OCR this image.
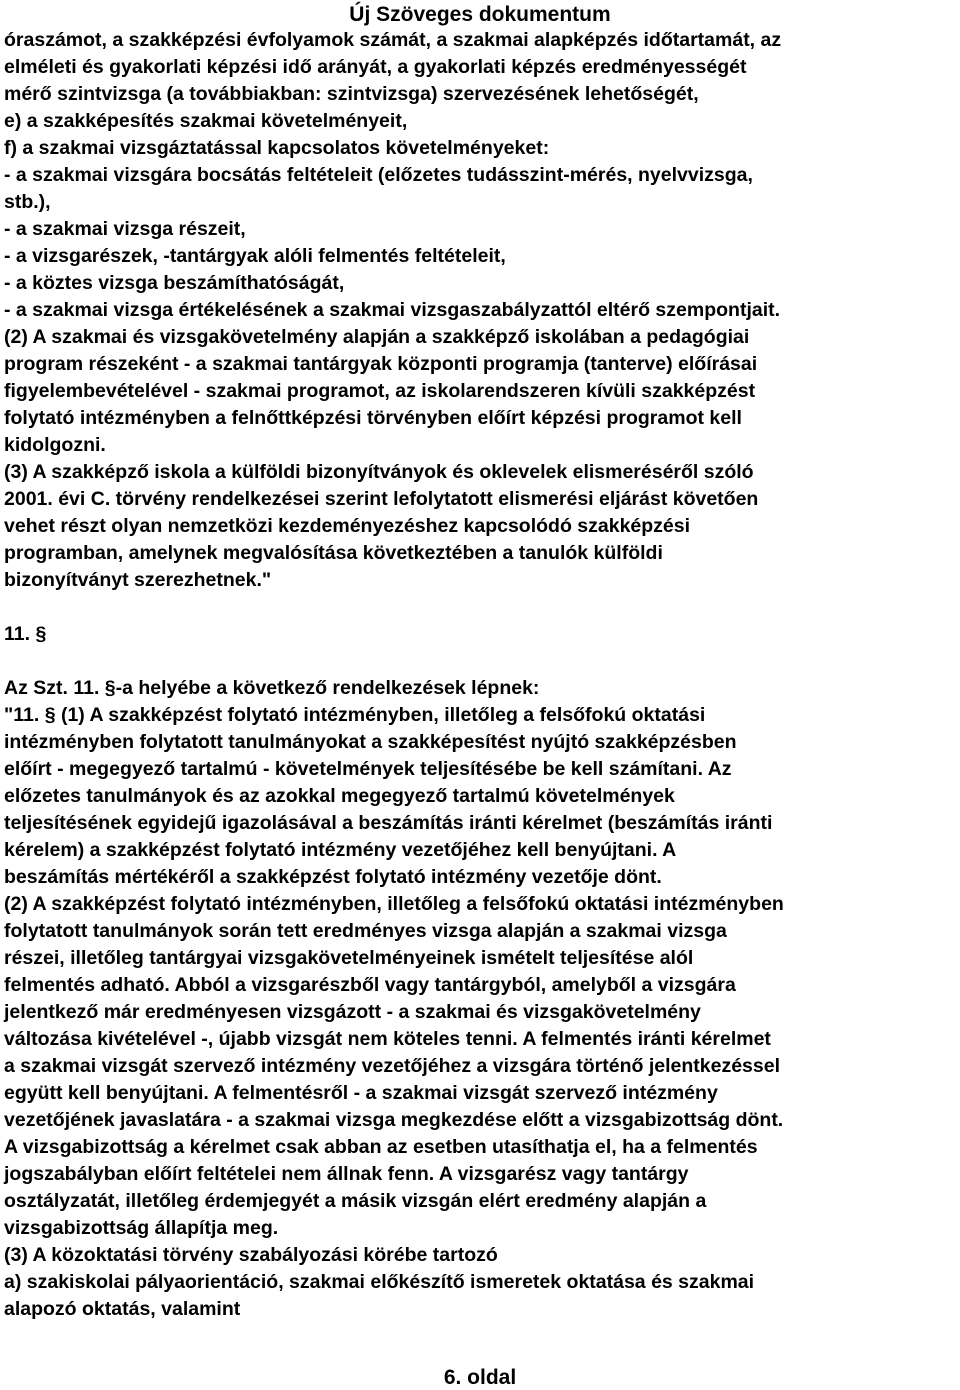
Új Szöveges dokumentum
óraszámot, a szakképzési évfolyamok számát, a szakmai alapképzés időtartamát, az
elméleti és gyakorlati képzési idő arányát, a gyakorlati képzés eredményességét
mérő szintvizsga (a továbbiakban: szintvizsga) szervezésének lehetőségét,
e) a szakképesítés szakmai követelményeit,
f) a szakmai vizsgáztatással kapcsolatos követelményeket:
- a szakmai vizsgára bocsátás feltételeit (előzetes tudásszint-mérés, nyelvvizsga,
stb.),
- a szakmai vizsga részeit,
- a vizsgarészek, -tantárgyak alóli felmentés feltételeit,
- a köztes vizsga beszámíthatóságát,
- a szakmai vizsga értékelésének a szakmai vizsgaszabályzattól eltérő szempontjait.
(2) A szakmai és vizsgakövetelmény alapján a szakképző iskolában a pedagógiai
program részeként - a szakmai tantárgyak központi programja (tanterve) előírásai
figyelembevételével - szakmai programot, az iskolarendszeren kívüli szakképzést
folytató intézményben a felnőttképzési törvényben előírt képzési programot kell
kidolgozni.
(3) A szakképző iskola a külföldi bizonyítványok és oklevelek elismeréséről szóló
2001. évi C. törvény rendelkezései szerint lefolytatott elismerési eljárást követően
vehet részt olyan nemzetközi kezdeményezéshez kapcsolódó szakképzési
programban, amelynek megvalósítása következtében a tanulók külföldi
bizonyítványt szerezhetnek."
11. §
Az Szt. 11. §-a helyébe a következő rendelkezések lépnek:
"11. § (1) A szakképzést folytató intézményben, illetőleg a felsőfokú oktatási
intézményben folytatott tanulmányokat a szakképesítést nyújtó szakképzésben
előírt - megegyező tartalmú - követelmények teljesítésébe be kell számítani. Az
előzetes tanulmányok és az azokkal megegyező tartalmú követelmények
teljesítésének egyidejű igazolásával a beszámítás iránti kérelmet (beszámítás iránti
kérelem) a szakképzést folytató intézmény vezetőjéhez kell benyújtani. A
beszámítás mértékéről a szakképzést folytató intézmény vezetője dönt.
(2) A szakképzést folytató intézményben, illetőleg a felsőfokú oktatási intézményben
folytatott tanulmányok során tett eredményes vizsga alapján a szakmai vizsga
részei, illetőleg tantárgyai vizsgakövetelményeinek ismételt teljesítése alól
felmentés adható. Abból a vizsgarészből vagy tantárgyból, amelyből a vizsgára
jelentkező már eredményesen vizsgázott - a szakmai és vizsgakövetelmény
változása kivételével -, újabb vizsgát nem köteles tenni. A felmentés iránti kérelmet
a szakmai vizsgát szervező intézmény vezetőjéhez a vizsgára történő jelentkezéssel
együtt kell benyújtani. A felmentésről - a szakmai vizsgát szervező intézmény
vezetőjének javaslatára - a szakmai vizsga megkezdése előtt a vizsgabizottság dönt.
A vizsgabizottság a kérelmet csak abban az esetben utasíthatja el, ha a felmentés
jogszabályban előírt feltételei nem állnak fenn. A vizsgarész vagy tantárgy
osztályzatát, illetőleg érdemjegyét a másik vizsgán elért eredmény alapján a
vizsgabizottság állapítja meg.
(3) A közoktatási törvény szabályozási körébe tartozó
a) szakiskolai pályaorientáció, szakmai előkészítő ismeretek oktatása és szakmai
alapozó oktatás, valamint
6. oldal
